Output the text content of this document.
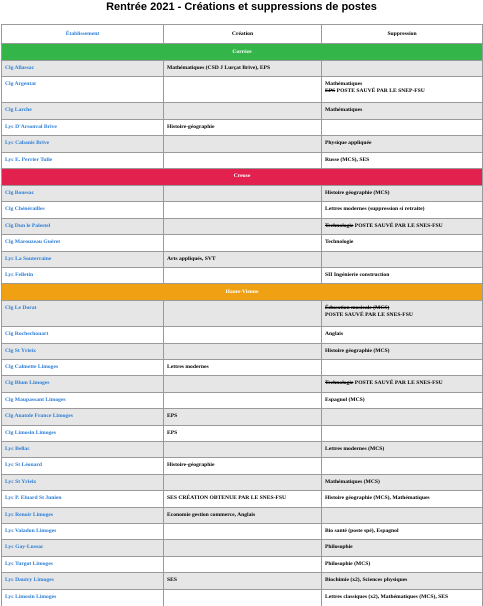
Rentrée 2021 - Créations et suppressions de postes
Établissement	Création	Suppression
Corrèze		
Clg Allassac	Mathématiques (CSD J Lurçat Brive), EPS	
Clg Argentat		Mathématiques
EPS POSTE SAUVÉ PAR LE SNEP-FSU
Clg Larche		Mathématiques
Lyc D'Arsonval Brive	Histoire-géographie	
Lyc Cabanis Brive		Physique appliquée
Lyc E. Perrier Tulle		Russe (MCS), SES
Creuse		
Clg Boussac		Histoire géographie (MCS)
Clg Chénérailles		Lettres modernes (suppression si retraite)
Clg Dun le Palestel		Technologie POSTE SAUVÉ PAR LE SNES-FSU
Clg Marouzeau Guéret		Technologie
Lyc La Souterraine	Arts appliqués, SVT	
Lyc Felletin		SII Ingénierie construction
Haute-Vienne		
Clg Le Dorat		Éducation musicale (MCS)
POSTE SAUVÉ PAR LE SNES-FSU
Clg Rochechouart		Anglais
Clg St Yrieix		Histoire géographie (MCS)
Clg Calmette Limoges	Lettres modernes	
Clg Blum Limoges		Technologie POSTE SAUVÉ PAR LE SNES-FSU
Clg Maupassant Limoges		Espagnol (MCS)
Clg Anatole France Limoges	EPS	
Clg Limosin Limoges	EPS	
Lyc Bellac		Lettres modernes (MCS)
Lyc St Léonard	Histoire-géographie	
Lyc St Yrieix		Mathématiques (MCS)
Lyc P. Eluard St Junien	SES CRÉATION OBTENUE PAR LE SNES-FSU	Histoire géographie (MCS), Mathématiques
Lyc Renoir Limoges	Economie gestion commerce, Anglais	
Lyc Valadon Limoges		Bio santé (poste spé), Espagnol
Lyc Gay-Lussac		Philosophie
Lyc Turgot Limoges		Philosophie (MCS)
Lyc Dautry Limoges	SES	Biochimie (x2), Sciences physiques
Lyc Limosin Limoges		Lettres classiques (x2), Mathématiques (MCS), SES
